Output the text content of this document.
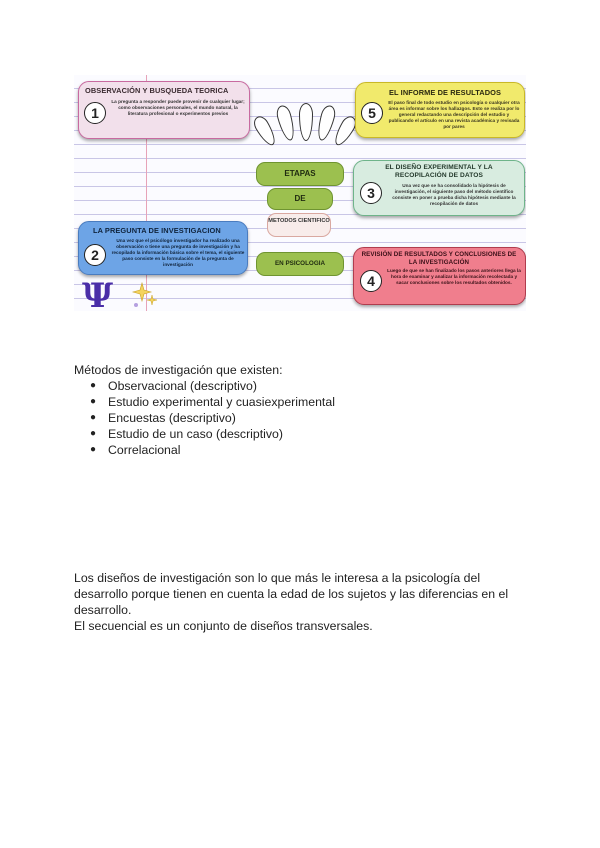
OBSERVACIÓN Y BUSQUEDA TEORICA
1
La pregunta a responder puede provenir de cualquier lugar; como observaciones personales, el mundo natural, la literatura profesional o experimentos previos
LA PREGUNTA DE INVESTIGACION
2
Una vez que el psicólogo investigador ha realizado una observación o tiene una pregunta de investigación y ha recopilado la información básica sobre el tema, el siguiente paso consiste en la formulación de la pregunta de investigación
EL INFORME DE RESULTADOS
5
El paso final de todo estudio en psicología o cualquier otra área es informar sobre los hallazgos. Esto se realiza por lo general redactando una descripción del estudio y publicando el artículo en una revista académica y revisada por pares
EL DISEÑO EXPERIMENTAL Y LA RECOPILACIÓN DE DATOS
3	Una vez que se ha consolidado la hipótesis de investigación, el siguiente paso del método científico consiste en poner a prueba dicha hipótesis mediante la recopilación de datos
REVISIÓN DE RESULTADOS Y CONCLUSIONES DE LA INVESTIGACIÓN
4
Luego de que se han finalizado los pasos anteriores llega la hora de examinar y analizar la información recolectada y sacar conclusiones sobre los resultados obtenidos.
ETAPAS
DE
METODOS CIENTIFICO
EN PSICOLOGIA
Ψ
Métodos de investigación que existen:
● Observacional (descriptivo)
● Estudio experimental y cuasiexperimental
● Encuestas (descriptivo)
● Estudio de un caso (descriptivo)
● Correlacional
Los diseños de investigación son lo que más le interesa a la psicología del desarrollo porque tienen en cuenta la edad de los sujetos y las diferencias en el desarrollo.
El secuencial es un conjunto de diseños transversales.
